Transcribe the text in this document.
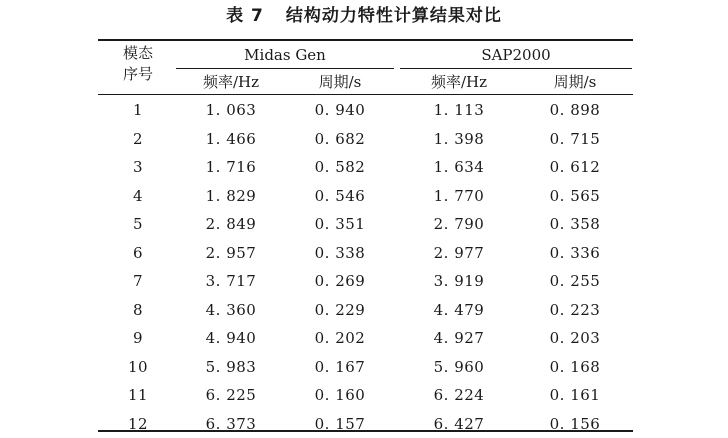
表 7 结构动力特性计算结果对比
模态
序号
Midas Gen	SAP2000
频率/Hz	周期/s	频率/Hz	周期/s
1	1. 063	0. 940	1. 113	0. 898
2	1. 466	0. 682	1. 398	0. 715
3	1. 716	0. 582	1. 634	0. 612
4	1. 829	0. 546	1. 770	0. 565
5	2. 849	0. 351	2. 790	0. 358
6	2. 957	0. 338	2. 977	0. 336
7	3. 717	0. 269	3. 919	0. 255
8	4. 360	0. 229	4. 479	0. 223
9	4. 940	0. 202	4. 927	0. 203
10	5. 983	0. 167	5. 960	0. 168
11	6. 225	0. 160	6. 224	0. 161
12	6. 373	0. 157	6. 427	0. 156
